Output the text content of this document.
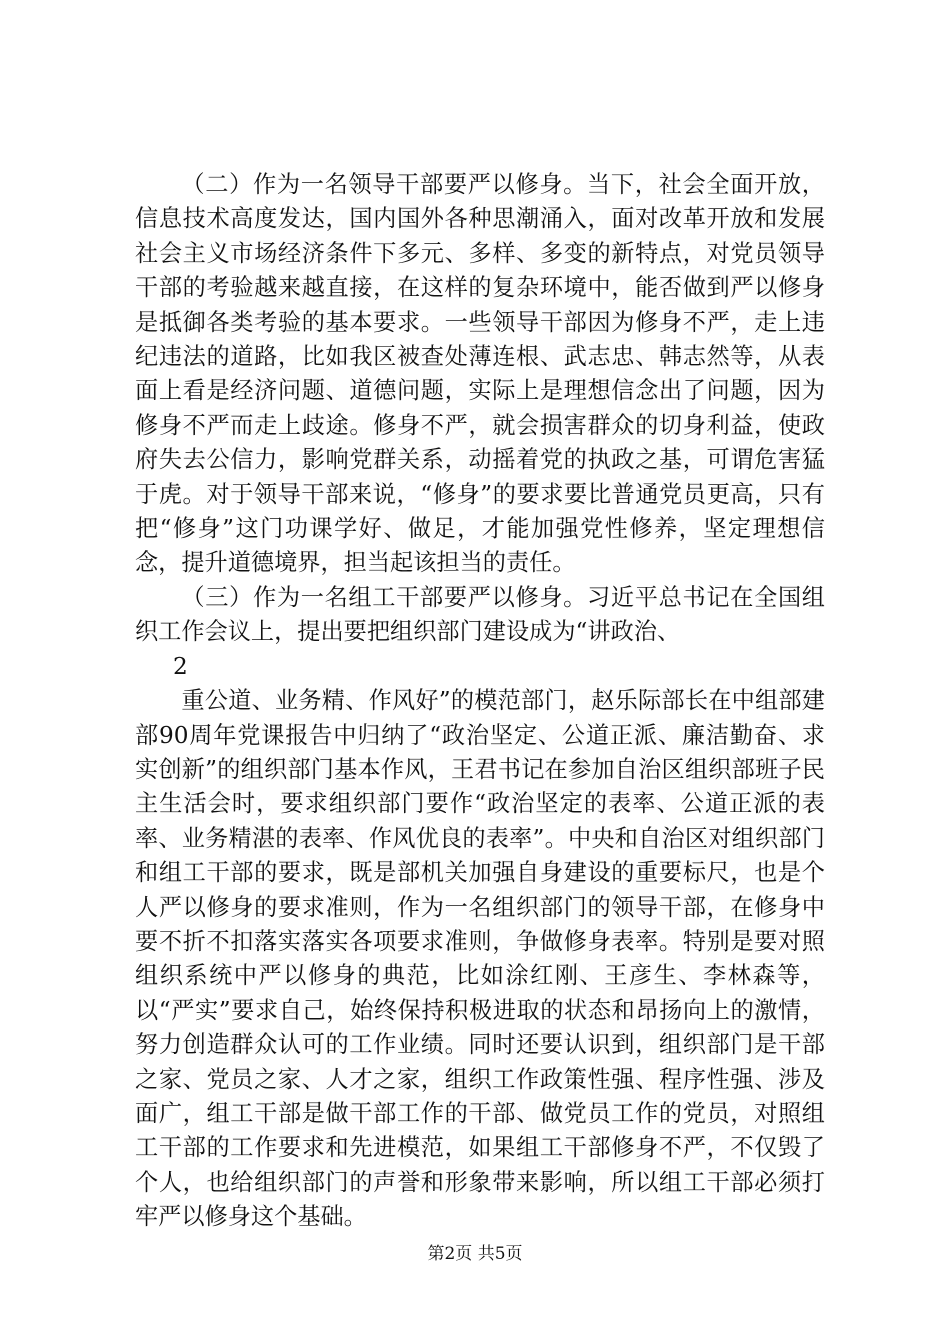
（二）作为一名领导干部要严以修身。当下，社会全面开放，信息技术高度发达，国内国外各种思潮涌入，面对改革开放和发展社会主义市场经济条件下多元、多样、多变的新特点，对党员领导干部的考验越来越直接，在这样的复杂环境中，能否做到严以修身是抵御各类考验的基本要求。一些领导干部因为修身不严，走上违纪违法的道路，比如我区被查处薄连根、武志忠、韩志然等，从表面上看是经济问题、道德问题，实际上是理想信念出了问题，因为修身不严而走上歧途。修身不严，就会损害群众的切身利益，使政府失去公信力，影响党群关系，动摇着党的执政之基，可谓危害猛于虎。对于领导干部来说，“修身”的要求要比普通党员更高，只有把“修身”这门功课学好、做足，才能加强党性修养，坚定理想信念，提升道德境界，担当起该担当的责任。

（三）作为一名组工干部要严以修身。习近平总书记在全国组织工作会议上，提出要把组织部门建设成为“讲政治、

2

重公道、业务精、作风好”的模范部门，赵乐际部长在中组部建部90周年党课报告中归纳了“政治坚定、公道正派、廉洁勤奋、求实创新”的组织部门基本作风，王君书记在参加自治区组织部班子民主生活会时，要求组织部门要作“政治坚定的表率、公道正派的表率、业务精湛的表率、作风优良的表率”。中央和自治区对组织部门和组工干部的要求，既是部机关加强自身建设的重要标尺，也是个人严以修身的要求准则，作为一名组织部门的领导干部，在修身中要不折不扣落实落实各项要求准则，争做修身表率。特别是要对照组织系统中严以修身的典范，比如涂红刚、王彦生、李林森等，以“严实”要求自己，始终保持积极进取的状态和昂扬向上的激情，努力创造群众认可的工作业绩。同时还要认识到，组织部门是干部之家、党员之家、人才之家，组织工作政策性强、程序性强、涉及面广，组工干部是做干部工作的干部、做党员工作的党员，对照组工干部的工作要求和先进模范，如果组工干部修身不严，不仅毁了个人，也给组织部门的声誉和形象带来影响，所以组工干部必须打牢严以修身这个基础。

第2页 共5页
